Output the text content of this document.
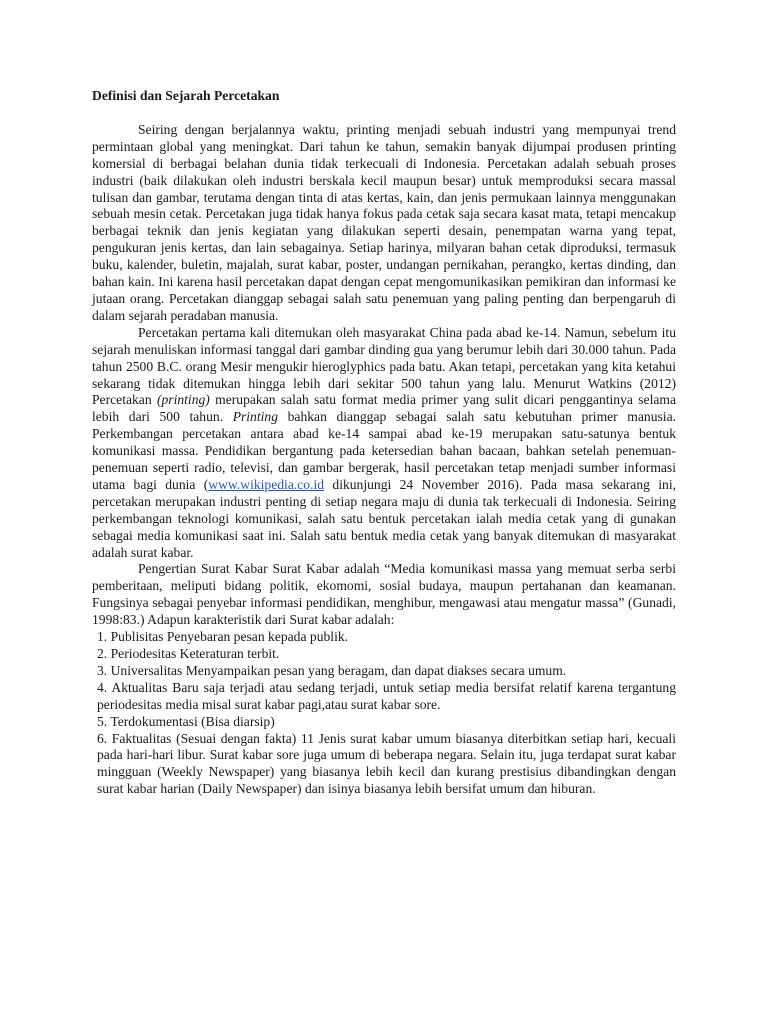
Definisi dan Sejarah Percetakan

Seiring dengan berjalannya waktu, printing menjadi sebuah industri yang mempunyai trend permintaan global yang meningkat. Dari tahun ke tahun, semakin banyak dijumpai produsen printing komersial di berbagai belahan dunia tidak terkecuali di Indonesia. Percetakan adalah sebuah proses industri (baik dilakukan oleh industri berskala kecil maupun besar) untuk memproduksi secara massal tulisan dan gambar, terutama dengan tinta di atas kertas, kain, dan jenis permukaan lainnya menggunakan sebuah mesin cetak. Percetakan juga tidak hanya fokus pada cetak saja secara kasat mata, tetapi mencakup berbagai teknik dan jenis kegiatan yang dilakukan seperti desain, penempatan warna yang tepat, pengukuran jenis kertas, dan lain sebagainya. Setiap harinya, milyaran bahan cetak diproduksi, termasuk buku, kalender, buletin, majalah, surat kabar, poster, undangan pernikahan, perangko, kertas dinding, dan bahan kain. Ini karena hasil percetakan dapat dengan cepat mengomunikasikan pemikiran dan informasi ke jutaan orang. Percetakan dianggap sebagai salah satu penemuan yang paling penting dan berpengaruh di dalam sejarah peradaban manusia.

Percetakan pertama kali ditemukan oleh masyarakat China pada abad ke-14. Namun, sebelum itu sejarah menuliskan informasi tanggal dari gambar dinding gua yang berumur lebih dari 30.000 tahun. Pada tahun 2500 B.C. orang Mesir mengukir hieroglyphics pada batu. Akan tetapi, percetakan yang kita ketahui sekarang tidak ditemukan hingga lebih dari sekitar 500 tahun yang lalu. Menurut Watkins (2012) Percetakan (printing) merupakan salah satu format media primer yang sulit dicari penggantinya selama lebih dari 500 tahun. Printing bahkan dianggap sebagai salah satu kebutuhan primer manusia. Perkembangan percetakan antara abad ke-14 sampai abad ke-19 merupakan satu-satunya bentuk komunikasi massa. Pendidikan bergantung pada ketersedian bahan bacaan, bahkan setelah penemuan-penemuan seperti radio, televisi, dan gambar bergerak, hasil percetakan tetap menjadi sumber informasi utama bagi dunia (www.wikipedia.co.id dikunjungi 24 November 2016). Pada masa sekarang ini, percetakan merupakan industri penting di setiap negara maju di dunia tak terkecuali di Indonesia. Seiring perkembangan teknologi komunikasi, salah satu bentuk percetakan ialah media cetak yang di gunakan sebagai media komunikasi saat ini. Salah satu bentuk media cetak yang banyak ditemukan di masyarakat adalah surat kabar.

Pengertian Surat Kabar Surat Kabar adalah “Media komunikasi massa yang memuat serba serbi pemberitaan, meliputi bidang politik, ekomomi, sosial budaya, maupun pertahanan dan keamanan. Fungsinya sebagai penyebar informasi pendidikan, menghibur, mengawasi atau mengatur massa” (Gunadi, 1998:83.) Adapun karakteristik dari Surat kabar adalah:

1. Publisitas Penyebaran pesan kepada publik.

2. Periodesitas Keteraturan terbit.

3. Universalitas Menyampaikan pesan yang beragam, dan dapat diakses secara umum.

4. Aktualitas Baru saja terjadi atau sedang terjadi, untuk setiap media bersifat relatif karena tergantung periodesitas media misal surat kabar pagi,atau surat kabar sore.

5. Terdokumentasi (Bisa diarsip)

6. Faktualitas (Sesuai dengan fakta) 11 Jenis surat kabar umum biasanya diterbitkan setiap hari, kecuali pada hari-hari libur. Surat kabar sore juga umum di beberapa negara. Selain itu, juga terdapat surat kabar mingguan (Weekly Newspaper) yang biasanya lebih kecil dan kurang prestisius dibandingkan dengan surat kabar harian (Daily Newspaper) dan isinya biasanya lebih bersifat umum dan hiburan.
